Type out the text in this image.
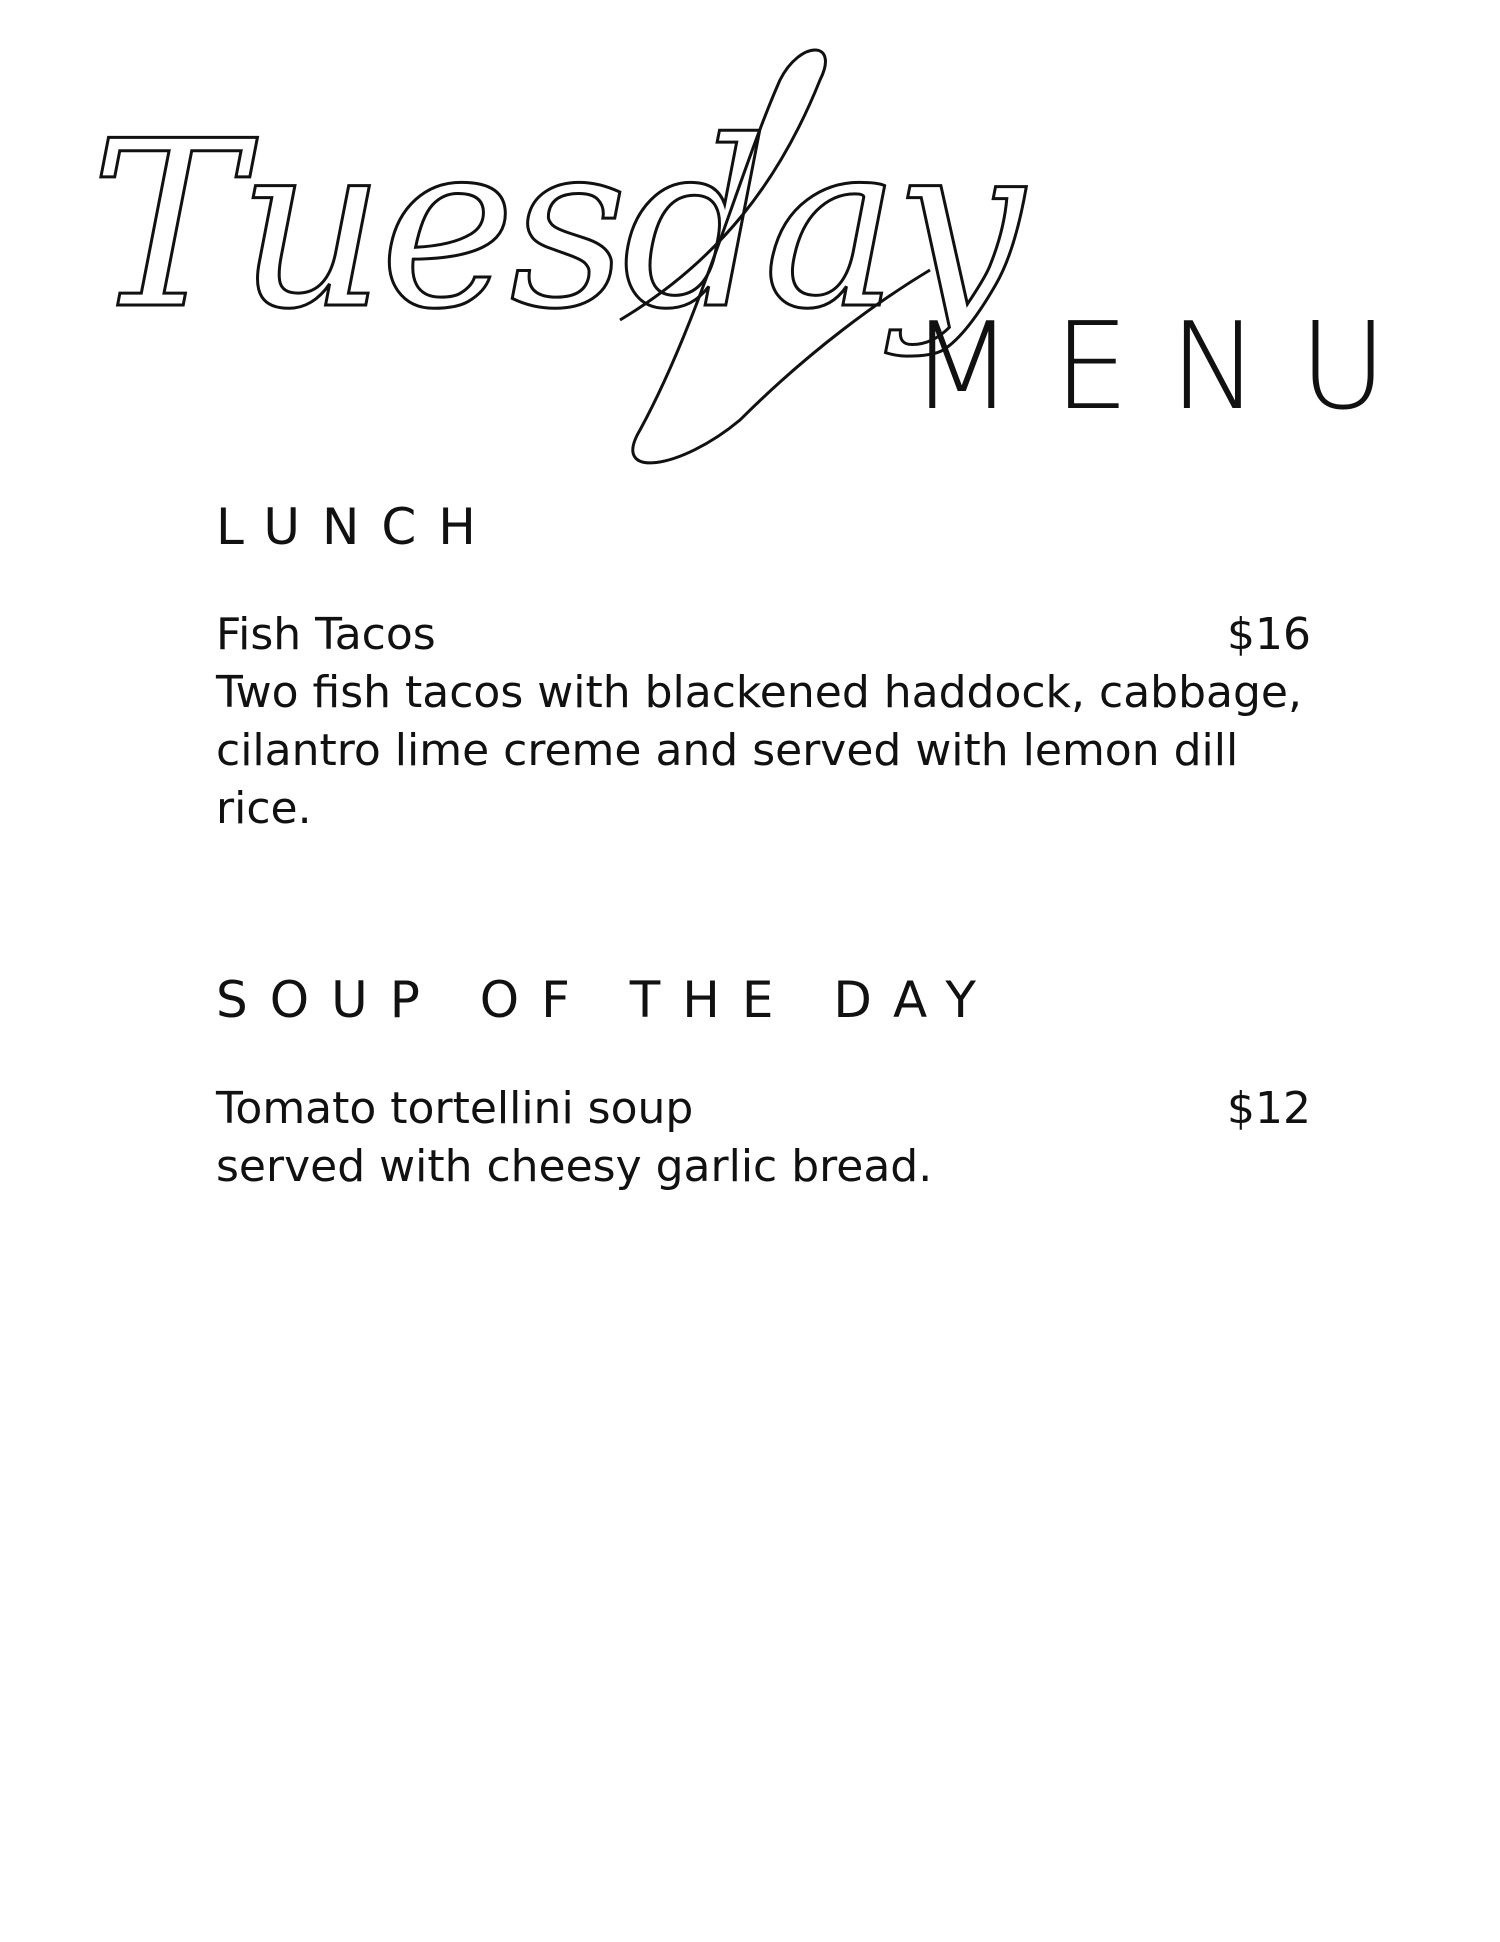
Tuesday
MENU
LUNCH
Fish Tacos	$16
Two fish tacos with blackened haddock, cabbage,
cilantro lime creme and served with lemon dill
rice.
SOUP OF THE DAY
Tomato tortellini soup	$12
served with cheesy garlic bread.
